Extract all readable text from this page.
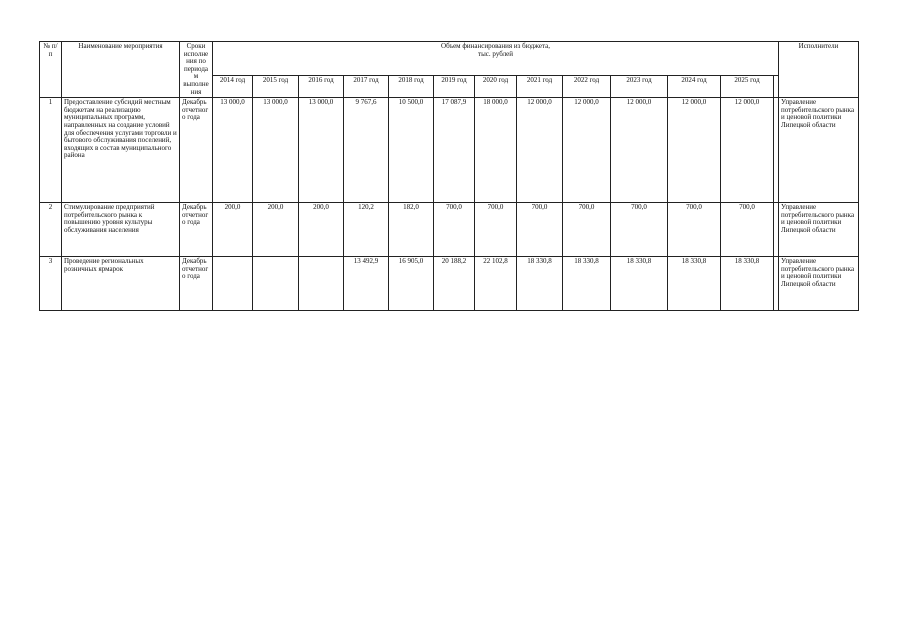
№ п/п	Наименование мероприятия	Сроки исполнения по периодам выполнения	Объем финансирования из бюджета,
тыс. рублей													Исполнители
			2014 год	2015 год	2016 год	2017 год	2018 год	2019 год	2020 год	2021 год	2022 год	2023 год	2024 год	2025 год		
1	Предоставление субсидий местным бюджетам на реализацию муниципальных программ, направленных на создание условий для обеспечения услугами торговли и бытового обслуживания поселений, входящих в состав муниципального района	Декабрь отчетного года	13 000,0	13 000,0	13 000,0	9 767,6	10 500,0	17 087,9	18 000,0	12 000,0	12 000,0	12 000,0	12 000,0	12 000,0		Управление потребительского рынка и ценовой политики Липецкой области
2	Стимулирование предприятий потребительского рынка к повышению уровня культуры обслуживания населения	Декабрь отчетного года	200,0	200,0	200,0	120,2	182,0	700,0	700,0	700,0	700,0	700,0	700,0	700,0		Управление потребительского рынка и ценовой политики Липецкой области
3	Проведение региональных розничных ярмарок	Декабрь отчетного года				13 492,9	16 905,0	20 188,2	22 102,8	18 330,8	18 330,8	18 330,8	18 330,8	18 330,8		Управление потребительского рынка и ценовой политики Липецкой области
